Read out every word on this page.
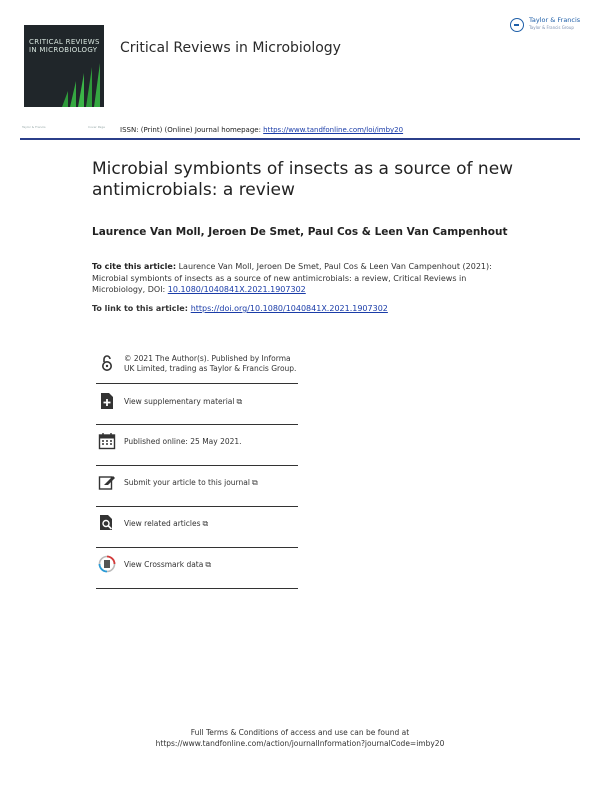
CRITICAL REVIEWS IN MICROBIOLOGY	Critical Reviews in Microbiology
Taylor & Francis
Taylor & Francis Group
Taylor & Francis	Cover Page ISSN: (Print) (Online) Journal homepage: https://www.tandfonline.com/loi/imby20
Microbial symbionts of insects as a source of new antimicrobials: a review
Laurence Van Moll, Jeroen De Smet, Paul Cos & Leen Van Campenhout
To cite this article: Laurence Van Moll, Jeroen De Smet, Paul Cos & Leen Van Campenhout (2021): Microbial symbionts of insects as a source of new antimicrobials: a review, Critical Reviews in Microbiology, DOI: 10.1080/1040841X.2021.1907302
To link to this article: https://doi.org/10.1080/1040841X.2021.1907302
© 2021 The Author(s). Published by Informa UK Limited, trading as Taylor & Francis Group.
View supplementary material ⧉
Published online: 25 May 2021.
Submit your article to this journal ⧉
View related articles ⧉
View Crossmark data ⧉
Full Terms & Conditions of access and use can be found at
https://www.tandfonline.com/action/journalInformation?journalCode=imby20
